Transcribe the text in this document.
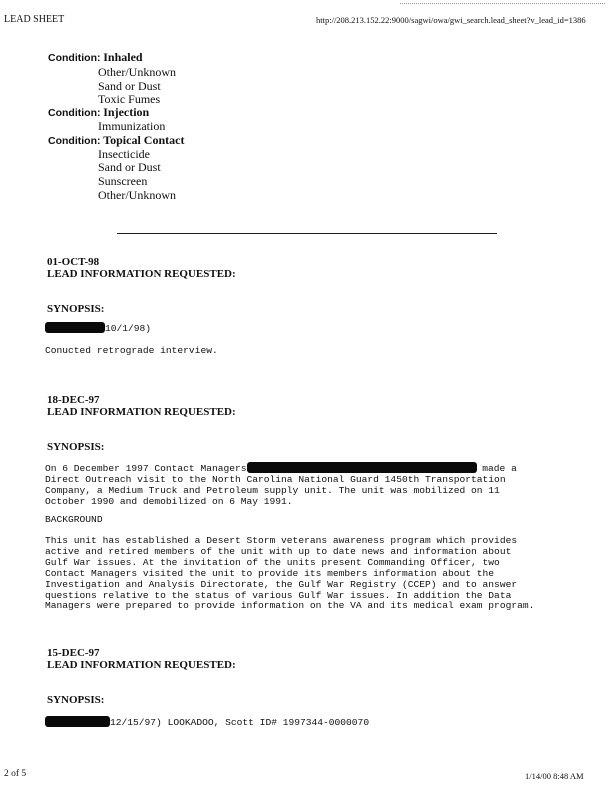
LEAD SHEET	http://208.213.152.22:9000/sagwi/owa/gwi_search.lead_sheet?v_lead_id=1386
Condition: Inhaled
Other/Unknown
Sand or Dust
Toxic Fumes
Condition: Injection
Immunization
Condition: Topical Contact
Insecticide
Sand or Dust
Sunscreen
Other/Unknown
01-OCT-98
LEAD INFORMATION REQUESTED:
SYNOPSIS:
10/1/98)
Conucted retrograde interview.
18-DEC-97
LEAD INFORMATION REQUESTED:
SYNOPSIS:
On 6 December 1997 Contact Managers	made a
Direct Outreach visit to the North Carolina National Guard 1450th Transportation
Company, a Medium Truck and Petroleum supply unit. The unit was mobilized on 11
October 1990 and demobilized on 6 May 1991.
BACKGROUND
This unit has established a Desert Storm veterans awareness program which provides
active and retired members of the unit with up to date news and information about
Gulf War issues. At the invitation of the units present Commanding Officer, two
Contact Managers visited the unit to provide its members information about the
Investigation and Analysis Directorate, the Gulf War Registry (CCEP) and to answer
questions relative to the status of various Gulf War issues. In addition the Data
Managers were prepared to provide information on the VA and its medical exam program.
15-DEC-97
LEAD INFORMATION REQUESTED:
SYNOPSIS:
12/15/97) LOOKADOO, Scott ID# 1997344-0000070
2 of 5	1/14/00 8:48 AM
